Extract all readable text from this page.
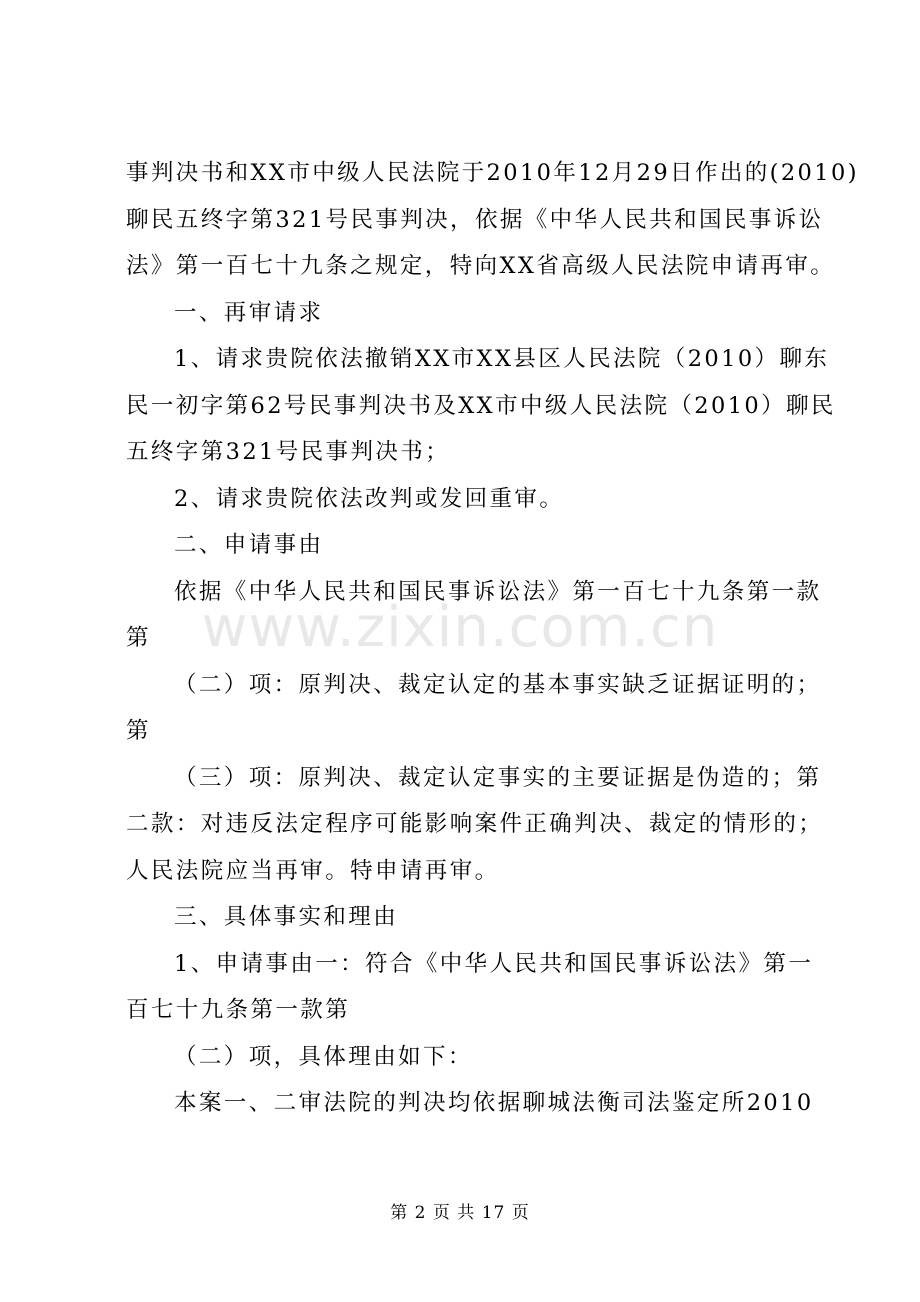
www.zixin.com.cn

事判决书和XX市中级人民法院于2010年12月29日作出的(2010)

聊民五终字第321号民事判决，依据《中华人民共和国民事诉讼

法》第一百七十九条之规定，特向XX省高级人民法院申请再审。

一、再审请求

1、请求贵院依法撤销XX市XX县区人民法院（2010）聊东

民一初字第62号民事判决书及XX市中级人民法院（2010）聊民

五终字第321号民事判决书；

2、请求贵院依法改判或发回重审。

二、申请事由

依据《中华人民共和国民事诉讼法》第一百七十九条第一款

第

（二）项：原判决、裁定认定的基本事实缺乏证据证明的；

第

（三）项：原判决、裁定认定事实的主要证据是伪造的；第

二款：对违反法定程序可能影响案件正确判决、裁定的情形的；

人民法院应当再审。特申请再审。

三、具体事实和理由

1、申请事由一：符合《中华人民共和国民事诉讼法》第一

百七十九条第一款第

（二）项，具体理由如下：

本案一、二审法院的判决均依据聊城法衡司法鉴定所2010

第 2 页 共 17 页
